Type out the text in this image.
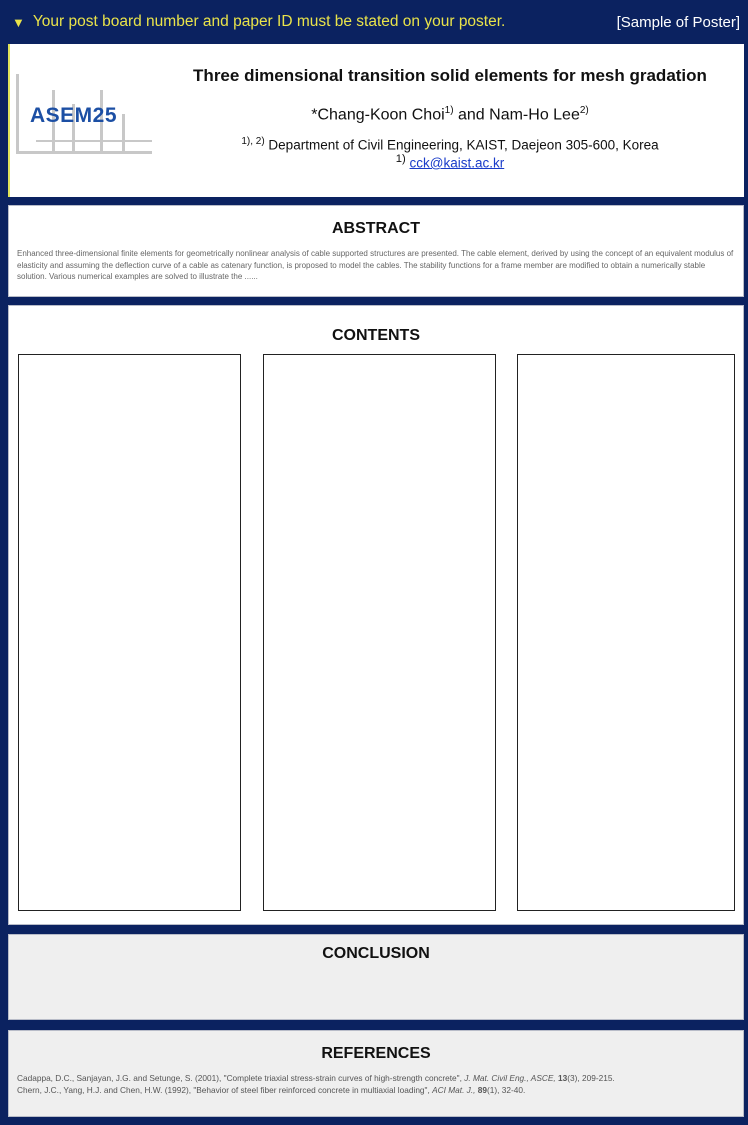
▼ Your post board number and paper ID must be stated on your poster.	[Sample of Poster]
ASEM25
Three dimensional transition solid elements for mesh gradation
*Chang-Koon Choi$^{1)}$ and Nam-Ho Lee$^{2)}$
$^{1), 2)}$ Department of Civil Engineering, KAIST, Daejeon 305-600, Korea
$^{1)}$ cck@kaist.ac.kr
ABSTRACT
Enhanced three-dimensional finite elements for geometrically nonlinear analysis of cable supported structures are presented. The cable element, derived by using the concept of an equivalent modulus of elasticity and assuming the deflection curve of a cable as catenary function, is proposed to model the cables. The stability functions for a frame member are modified to obtain a numerically stable solution. Various numerical examples are solved to illustrate the ......
CONTENTS
CONCLUSION
REFERENCES
Cadappa, D.C., Sanjayan, J.G. and Setunge, S. (2001), "Complete triaxial stress-strain curves of high-strength concrete", J. Mat. Civil Eng., ASCE, 13(3), 209-215.
Chern, J.C., Yang, H.J. and Chen, H.W. (1992), "Behavior of steel fiber reinforced concrete in multiaxial loading", ACI Mat. J., 89(1), 32-40.
